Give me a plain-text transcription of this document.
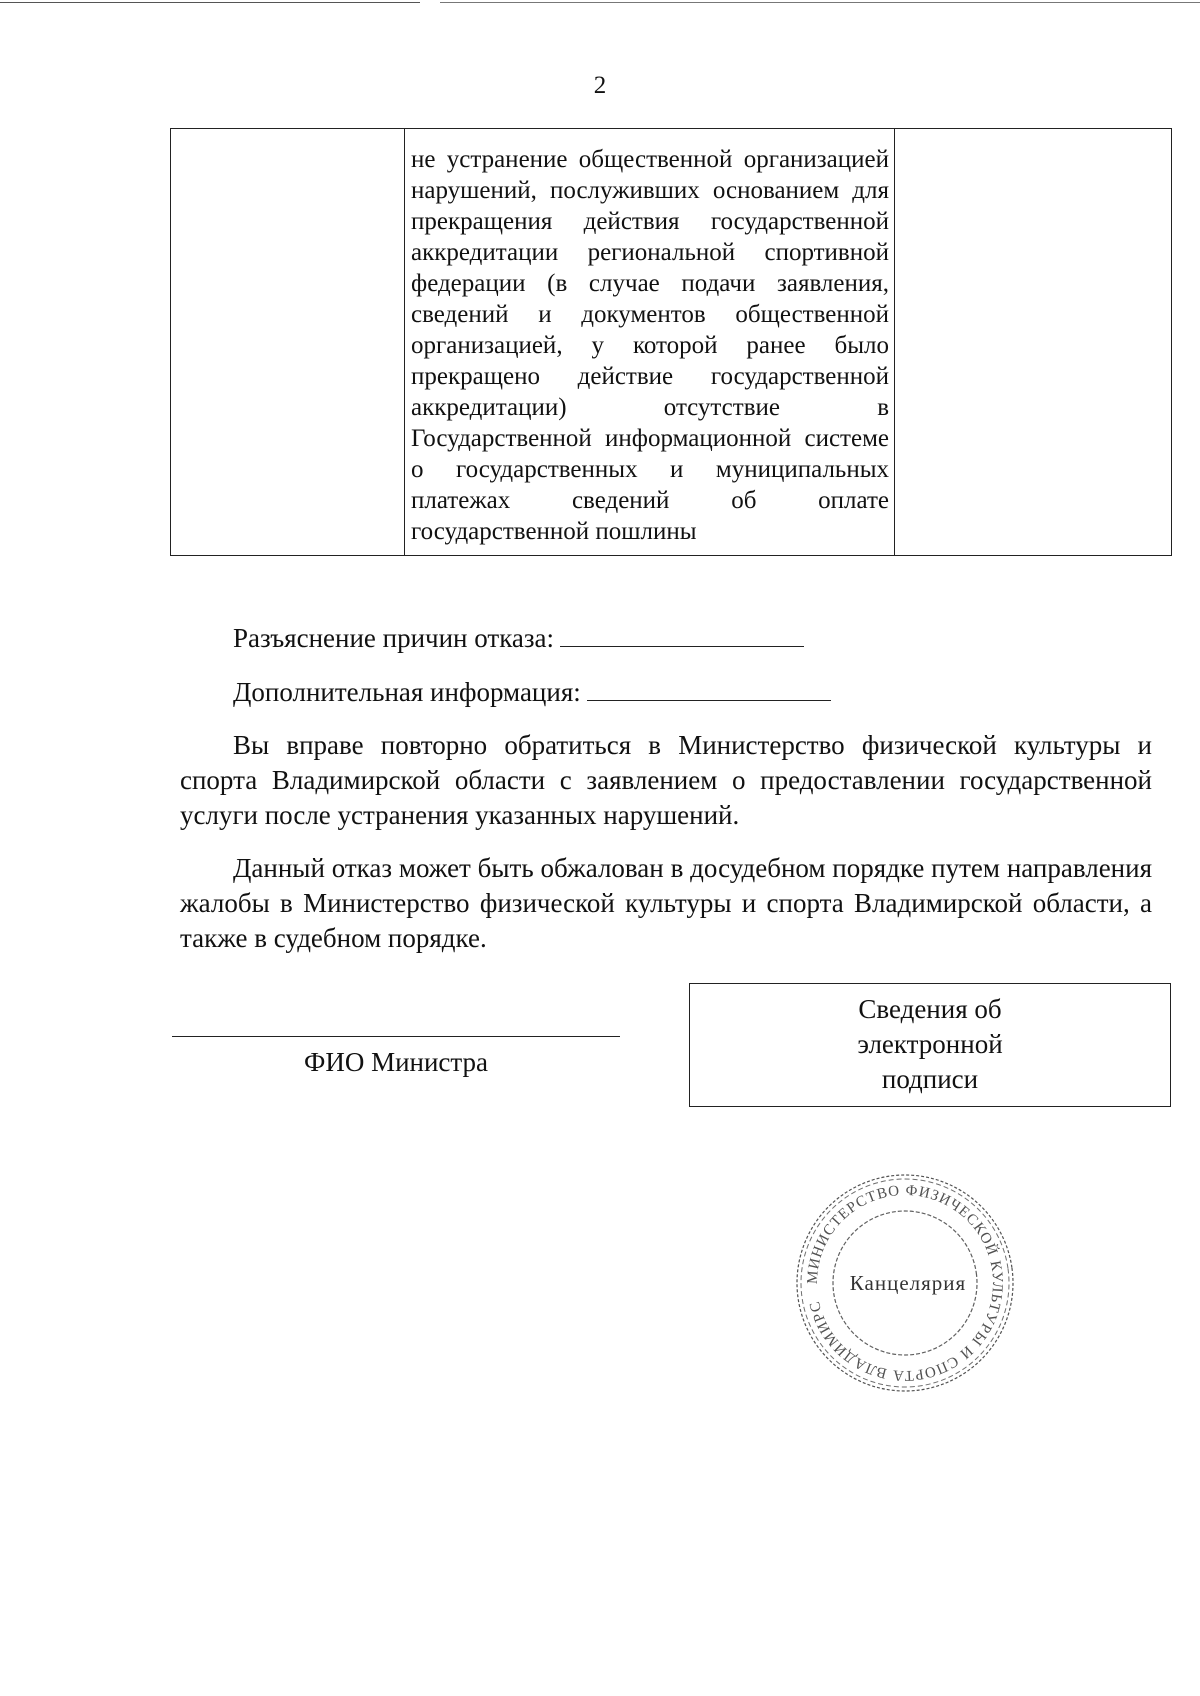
2

не устранение общественной организацией нарушений, послуживших основанием для прекращения действия государственной аккредитации региональной спортивной федерации (в случае подачи заявления, сведений и документов общественной организацией, у которой ранее было прекращено действие государственной аккредитации) отсутствие в Государственной информационной системе о государственных и муниципальных платежах сведений об оплате государственной пошлины

Разъяснение причин отказа:
Дополнительная информация:
Вы вправе повторно обратиться в Министерство физической культуры и спорта Владимирской области с заявлением о предоставлении государственной услуги после устранения указанных нарушений.
Данный отказ может быть обжалован в досудебном порядке путем направления жалобы в Министерство физической культуры и спорта Владимирской области, а также в судебном порядке.
ФИО Министра
Сведения об
электронной
подписи
МИНИСТЕРСТВО ФИЗИЧЕСКОЙ КУЛЬТУРЫ И СПОРТА ВЛАДИМИРСКОЙ
Канцелярия
